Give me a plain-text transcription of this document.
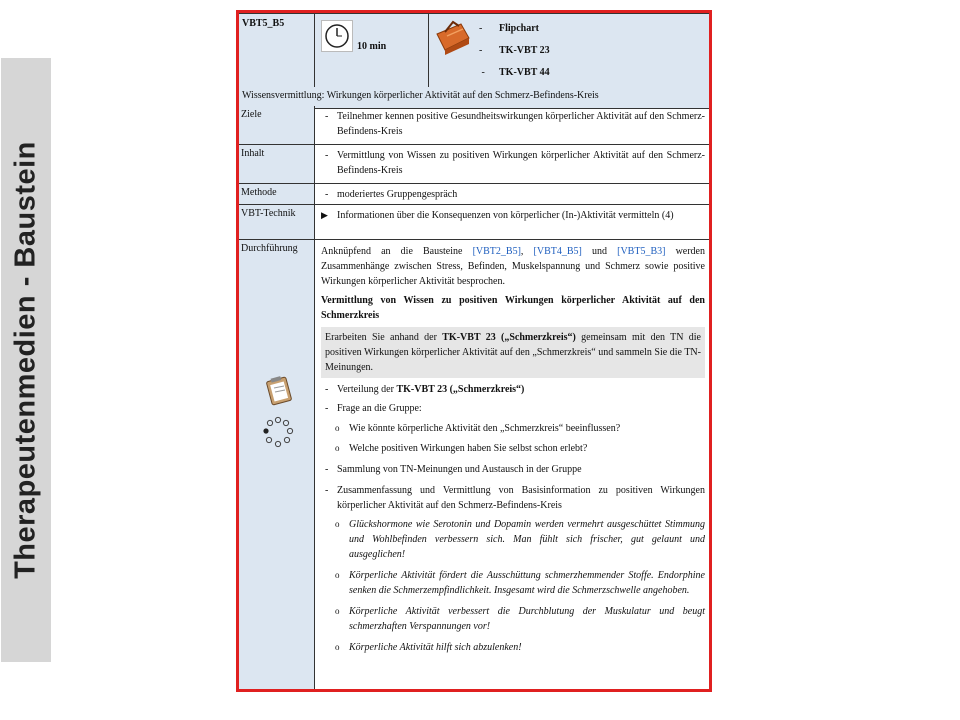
Therapeutenmedien - Baustein
VBT5_B5
10 min
- Flipchart
- TK-VBT 23
- TK-VBT 44
Wissensvermittlung: Wirkungen körperlicher Aktivität auf den Schmerz-Befindens-Kreis
Ziele	- Teilnehmer kennen positive Gesundheitswirkungen körperlicher Aktivität auf den Schmerz-Befindens-Kreis
Inhalt	- Vermittlung von Wissen zu positiven Wirkungen körperlicher Aktivität auf den Schmerz-Befindens-Kreis
Methode	- moderiertes Gruppengespräch
VBT-Technik	▶ Informationen über die Konsequenzen von körperlicher (In-)Aktivität vermitteln (4)
Durchführung	Anknüpfend an die Bausteine [VBT2_B5], [VBT4_B5] und [VBT5_B3] werden Zusammenhänge zwischen Stress, Befinden, Muskelspannung und Schmerz sowie positive Wirkungen körperlicher Aktivität besprochen.
Vermittlung von Wissen zu positiven Wirkungen körperlicher Aktivität auf den Schmerzkreis
Erarbeiten Sie anhand der TK-VBT 23 („Schmerzkreis“) gemeinsam mit den TN die positiven Wirkungen körperlicher Aktivität auf den „Schmerzkreis“ und sammeln Sie die TN-Meinungen.
- Verteilung der TK-VBT 23 („Schmerzkreis“)
- Frage an die Gruppe:
o Wie könnte körperliche Aktivität den „Schmerzkreis“ beeinflussen?
o Welche positiven Wirkungen haben Sie selbst schon erlebt?
- Sammlung von TN-Meinungen und Austausch in der Gruppe
- Zusammenfassung und Vermittlung von Basisinformation zu positiven Wirkungen körperlicher Aktivität auf den Schmerz-Befindens-Kreis
o Glückshormone wie Serotonin und Dopamin werden vermehrt ausgeschüttet Stimmung und Wohlbefinden verbessern sich. Man fühlt sich frischer, gut gelaunt und ausgeglichen!
o Körperliche Aktivität fördert die Ausschüttung schmerzhemmender Stoffe. Endorphine senken die Schmerzempfindlichkeit. Insgesamt wird die Schmerzschwelle angehoben.
o Körperliche Aktivität verbessert die Durchblutung der Muskulatur und beugt schmerzhaften Verspannungen vor!
o Körperliche Aktivität hilft sich abzulenken!
